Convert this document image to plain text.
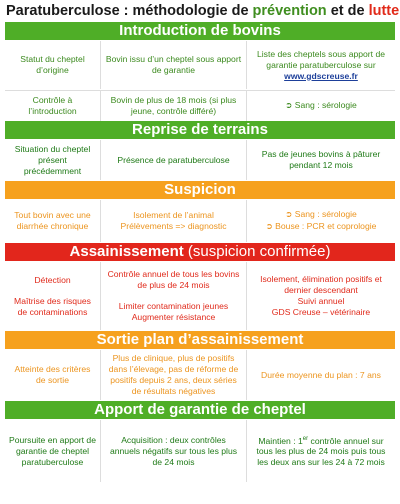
Paratuberculose : méthodologie de
prévention
et de
lutte
Introduction de bovins
Statut du cheptel d’origine
Bovin issu d’un cheptel sous apport de garantie
Liste des cheptels sous apport de garantie paratuberculose sur
www.gdscreuse.fr
Contrôle à l’introduction
Bovin de plus de 18 mois (si plus jeune, contrôle différé)	➲ Sang : sérologie
Reprise de terrains
Situation du cheptel présent précédemment
Présence de paratuberculose
Pas de jeunes bovins à pâturer pendant 12 mois
Suspicion
Tout bovin avec une diarrhée chronique
Isolement de l’animal
Prélèvements => diagnostic
➲ Sang : sérologie
➲ Bouse : PCR et coprologie
Assainissement (suspicion confirmée)
Détection
Maîtrise des risques de contaminations
Contrôle annuel de tous les bovins de plus de 24 mois
Limiter contamination jeunes
Augmenter résistance
Isolement, élimination positifs et dernier descendant
Suivi annuel
GDS Creuse – vétérinaire
Sortie plan d’assainissement
Atteinte des critères de sortie
Plus de clinique, plus de positifs dans l’élevage, pas de réforme de positifs depuis 2 ans, deux séries de résultats négatives
Durée moyenne du plan : 7 ans
Apport de garantie de cheptel
Poursuite en apport de garantie de cheptel paratuberculose
Acquisition : deux contrôles annuels négatifs sur tous les plus de 24 mois
Maintien : 1er contrôle annuel sur tous les plus de 24 mois puis tous les deux ans sur les 24 à 72 mois
